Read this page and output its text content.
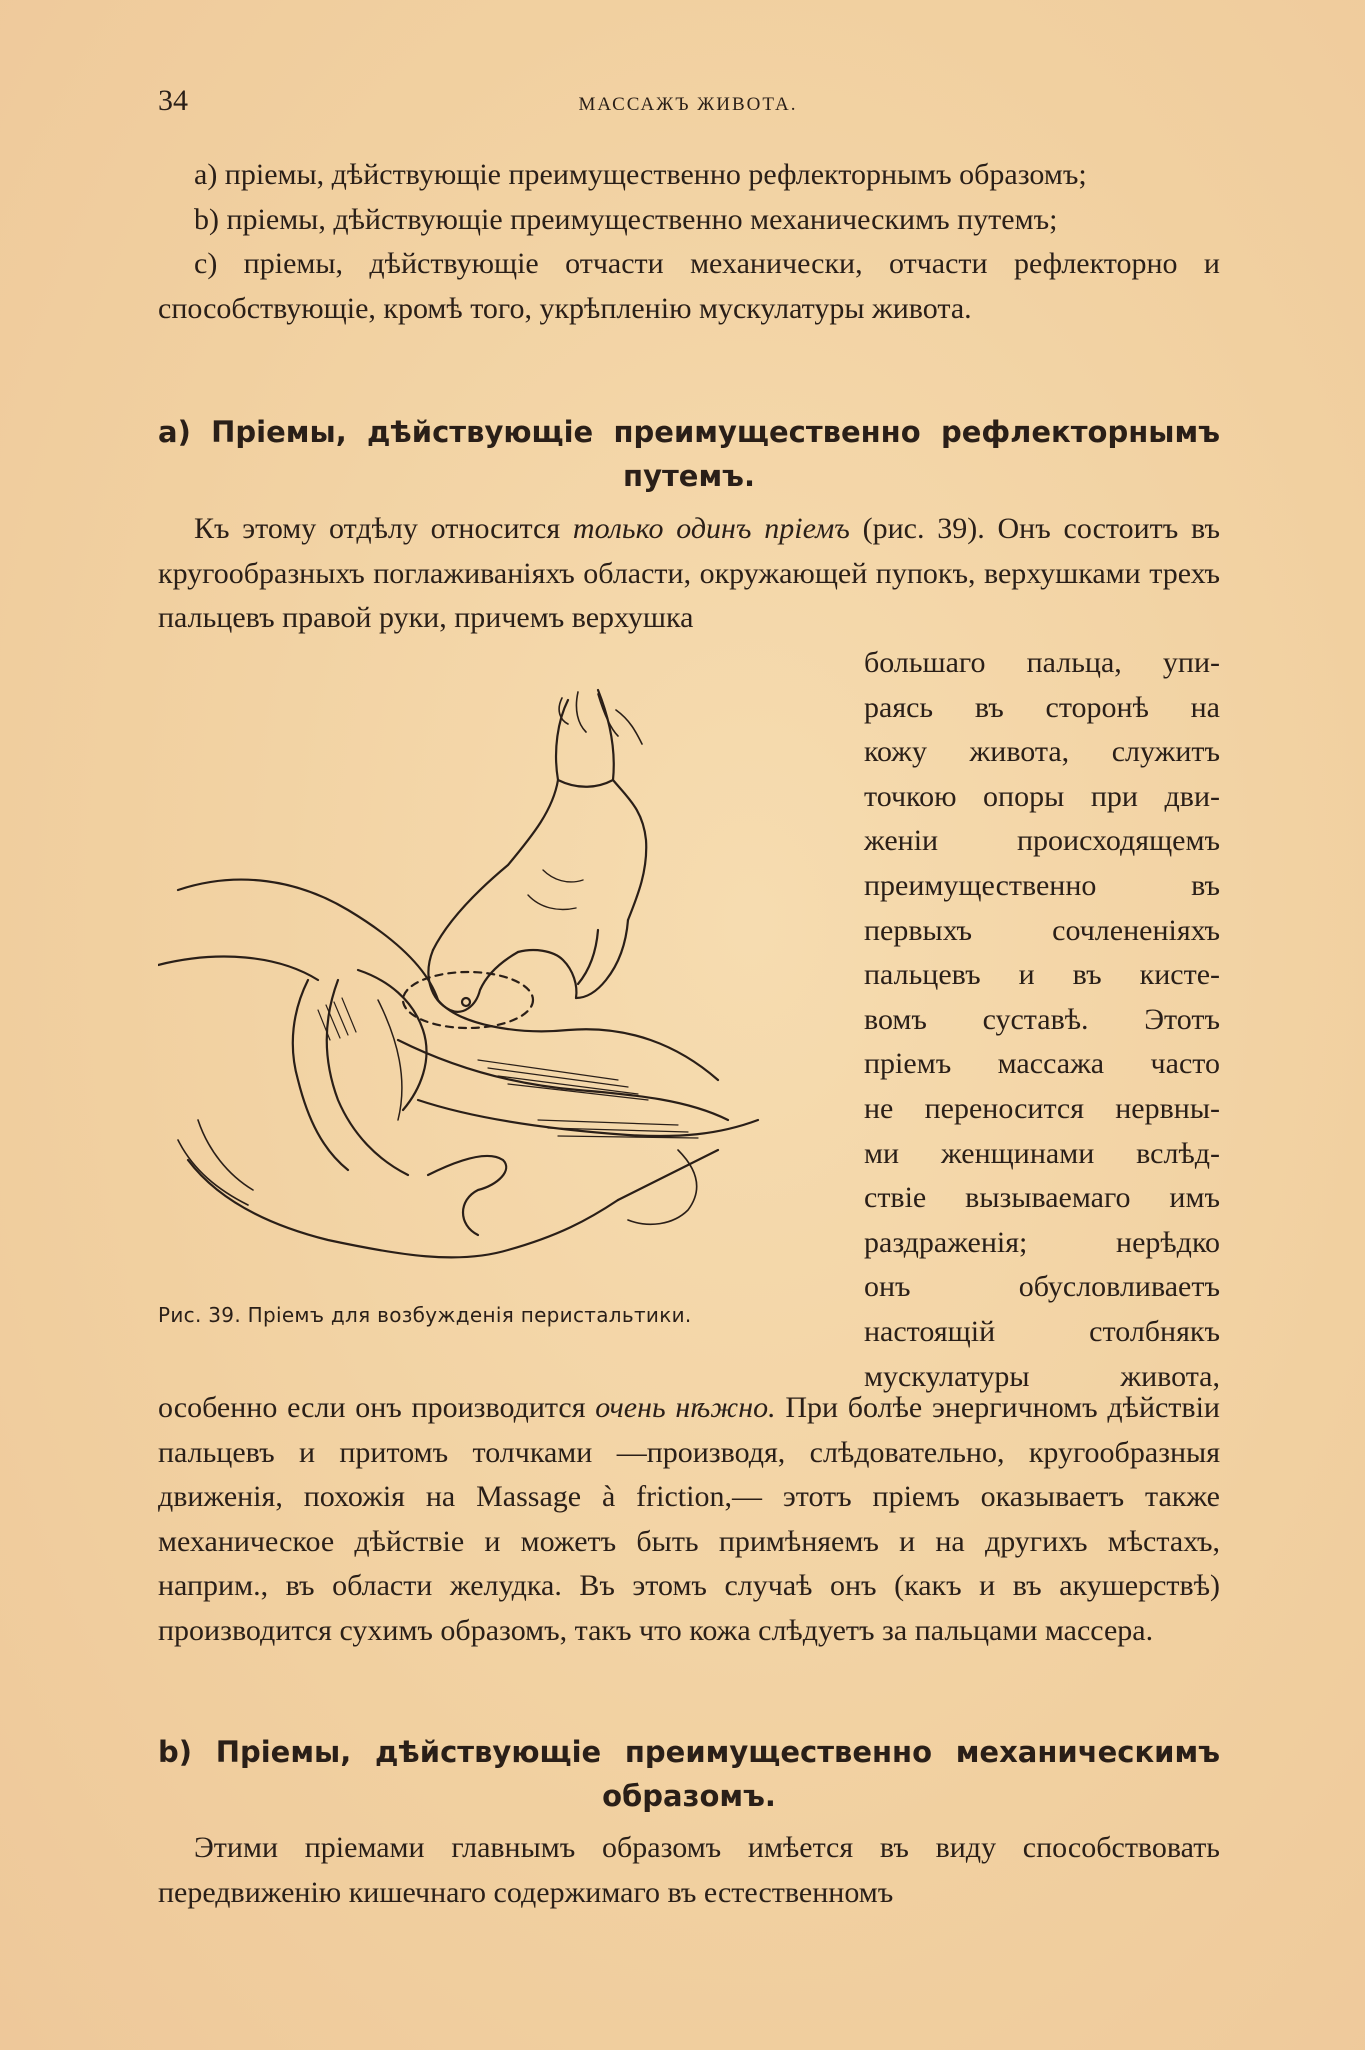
34	МАССАЖЪ ЖИВОТА.

а) пріемы, дѣйствующіе преимущественно рефлекторнымъ образомъ;

b) пріемы, дѣйствующіе преимущественно механическимъ путемъ;

с) пріемы, дѣйствующіе отчасти механически, отчасти рефлекторно и способствующіе, кромѣ того, укрѣпленію мускулатуры живота.

а) Пріемы, дѣйствующіе преимущественно рефлекторнымъ
путемъ.

Къ этому отдѣлу относится только одинъ пріемъ (рис. 39). Онъ состоитъ въ кругообразныхъ поглаживаніяхъ области, окружающей пупокъ, верхушками трехъ пальцевъ правой руки, причемъ верхушка

большаго пальца, упи-
раясь въ сторонѣ на
кожу живота, служитъ
точкою опоры при дви-
женіи происходящемъ
преимущественно въ
первыхъ сочлененіяхъ
пальцевъ и въ кисте-
вомъ суставѣ. Этотъ
пріемъ массажа часто
не переносится нервны-
ми женщинами вслѣд-
ствіе вызываемаго имъ
раздраженія; нерѣдко
онъ обусловливаетъ
настоящій столбнякъ
мускулатуры живота,
Рис. 39. Пріемъ для возбужденія перистальтики.

особенно если онъ производится очень нѣжно. При болѣе энергичномъ дѣйствіи пальцевъ и притомъ толчками —производя, слѣдовательно, кругообразныя движенія, похожія на Massage à friction,— этотъ пріемъ оказываетъ также механическое дѣйствіе и можетъ быть примѣняемъ и на другихъ мѣстахъ, наприм., въ области желудка. Въ этомъ случаѣ онъ (какъ и въ акушерствѣ) производится сухимъ образомъ, такъ что кожа слѣдуетъ за пальцами массера.

b) Пріемы, дѣйствующіе преимущественно механическимъ
образомъ.

Этими пріемами главнымъ образомъ имѣется въ виду способствовать передвиженію кишечнаго содержимаго въ естественномъ
